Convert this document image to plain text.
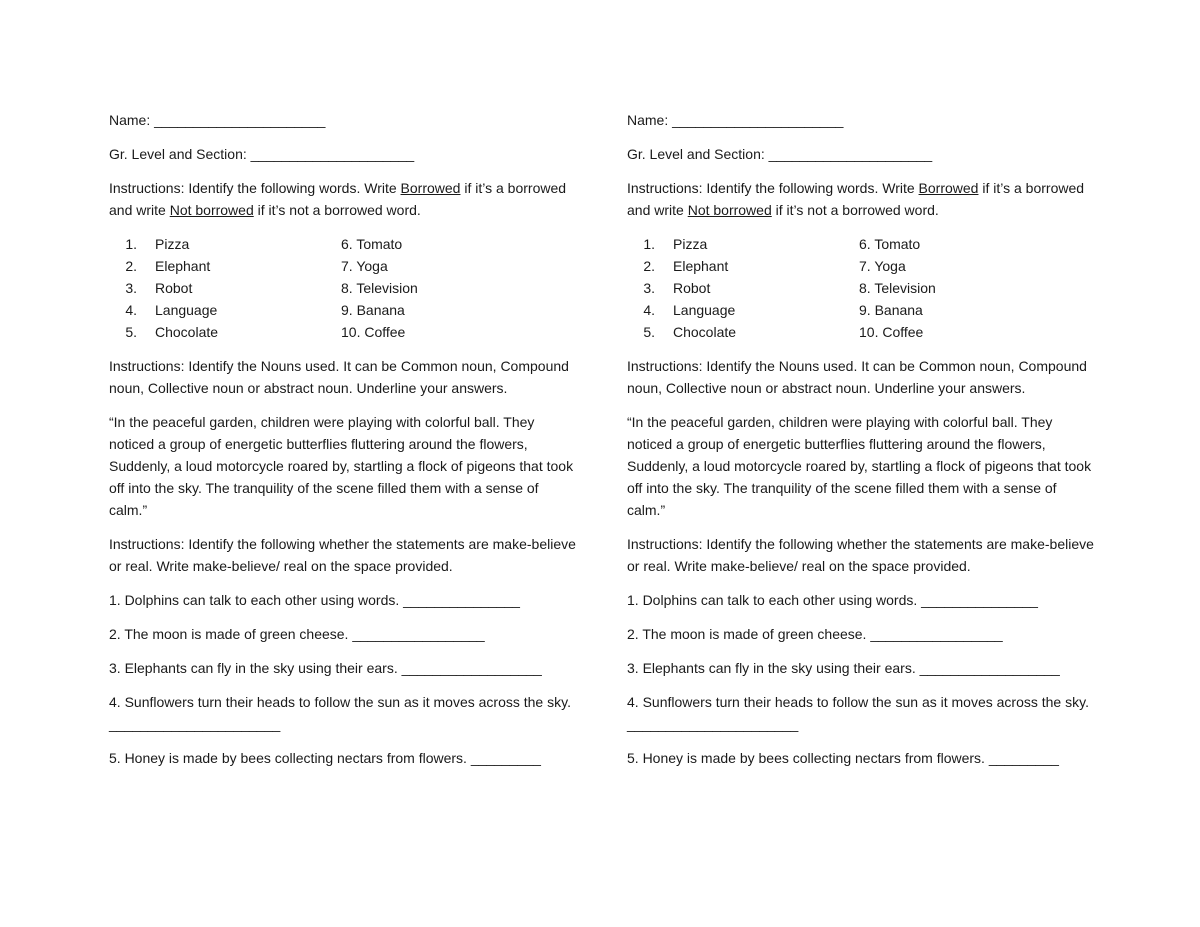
Name: ______________________

Gr. Level and Section: _____________________

Instructions: Identify the following words. Write Borrowed if it’s a borrowed and write Not borrowed if it’s not a borrowed word.

1. Pizza
2. Elephant
3. Robot
4. Language
5. Chocolate
6. Tomato
7. Yoga
8. Television
9. Banana
10. Coffee

Instructions: Identify the Nouns used. It can be Common noun, Compound noun, Collective noun or abstract noun. Underline your answers.

“In the peaceful garden, children were playing with colorful ball. They noticed a group of energetic butterflies fluttering around the flowers, Suddenly, a loud motorcycle roared by, startling a flock of pigeons that took off into the sky. The tranquility of the scene filled them with a sense of calm.”

Instructions: Identify the following whether the statements are make-believe or real. Write make-believe/ real on the space provided.

1. Dolphins can talk to each other using words. _______________

2. The moon is made of green cheese. _________________

3. Elephants can fly in the sky using their ears. __________________

4. Sunflowers turn their heads to follow the sun as it moves across the sky. ______________________

5. Honey is made by bees collecting nectars from flowers. _________

Name: ______________________

Gr. Level and Section: _____________________

Instructions: Identify the following words. Write Borrowed if it’s a borrowed and write Not borrowed if it’s not a borrowed word.

1. Pizza
2. Elephant
3. Robot
4. Language
5. Chocolate
6. Tomato
7. Yoga
8. Television
9. Banana
10. Coffee

Instructions: Identify the Nouns used. It can be Common noun, Compound noun, Collective noun or abstract noun. Underline your answers.

“In the peaceful garden, children were playing with colorful ball. They noticed a group of energetic butterflies fluttering around the flowers, Suddenly, a loud motorcycle roared by, startling a flock of pigeons that took off into the sky. The tranquility of the scene filled them with a sense of calm.”

Instructions: Identify the following whether the statements are make-believe or real. Write make-believe/ real on the space provided.

1. Dolphins can talk to each other using words. _______________

2. The moon is made of green cheese. _________________

3. Elephants can fly in the sky using their ears. __________________

4. Sunflowers turn their heads to follow the sun as it moves across the sky. ______________________

5. Honey is made by bees collecting nectars from flowers. _________
